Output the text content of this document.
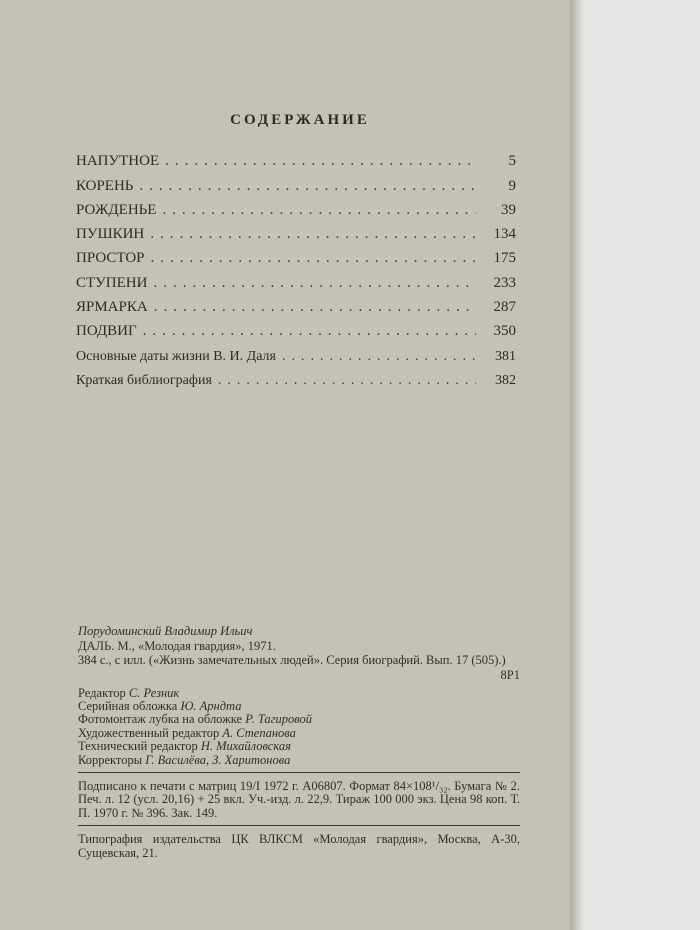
СОДЕРЖАНИЕ
НАПУТНОЕ .....	5
КОРЕНЬ .....	9
РОЖДЕНЬЕ .....	39
ПУШКИН .....	134
ПРОСТОР .....	175
СТУПЕНИ .....	233
ЯРМАРКА .....	287
ПОДВИГ .....	350
Основные даты жизни В. И. Даля .....	381
Краткая библиография .....	382

Порудоминский Владимир Ильич

ДАЛЬ. М., «Молодая гвардия», 1971.

384 с., с илл. («Жизнь замечательных людей». Серия биографий. Вып. 17 (505).)

8Р1

Редактор С. Резник

Серийная обложка Ю. Арндта

Фотомонтаж лубка на обложке Р. Тагировой

Художественный редактор А. Степанова

Технический редактор Н. Михайловская

Корректоры Г. Василёва, З. Харитонова

Подписано к печати с матриц 19/I 1972 г. А06807. Формат 84×108¹/₃₂. Бумага № 2. Печ. л. 12 (усл. 20,16) + 25 вкл. Уч.-изд. л. 22,9. Тираж 100 000 экз. Цена 98 коп. Т. П. 1970 г. № 396. Зак. 149.

Типография издательства ЦК ВЛКСМ «Молодая гвардия», Москва, А-30, Сущевская, 21.
